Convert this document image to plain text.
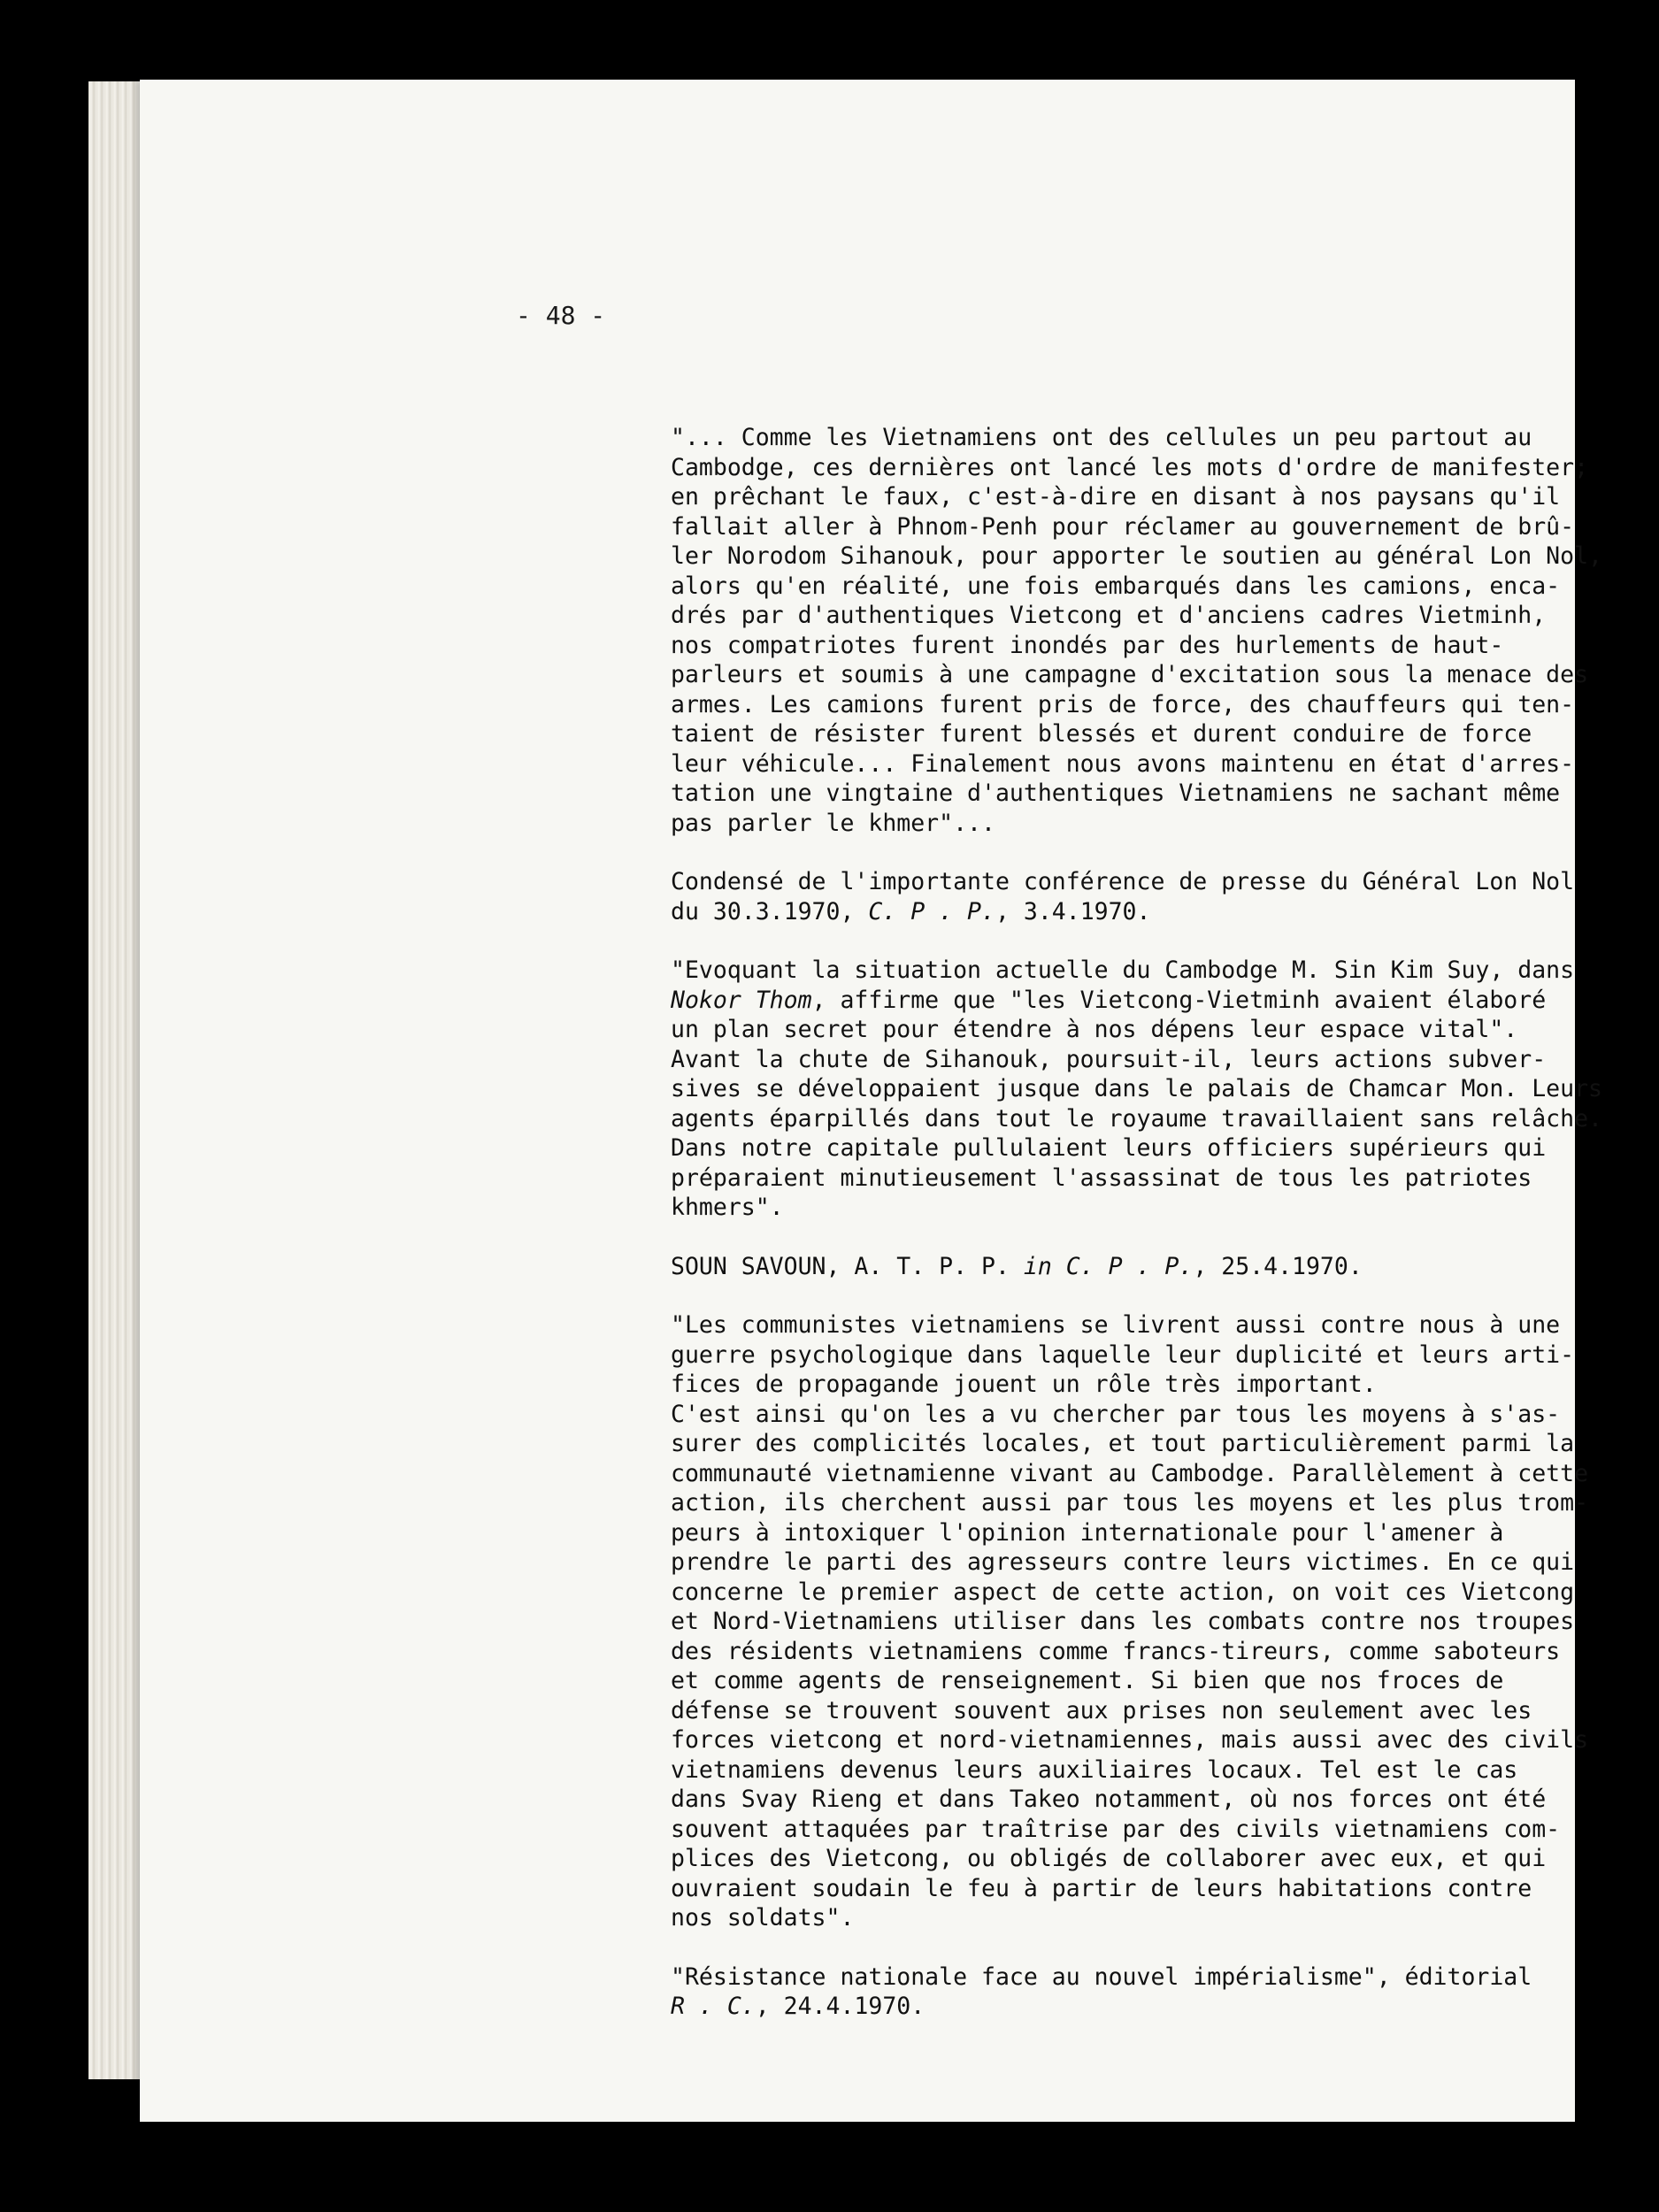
- 48 -
"... Comme les Vietnamiens ont des cellules un peu partout au
Cambodge, ces dernières ont lancé les mots d'ordre de manifester;
en prêchant le faux, c'est-à-dire en disant à nos paysans qu'il
fallait aller à Phnom-Penh pour réclamer au gouvernement de brû-
ler Norodom Sihanouk, pour apporter le soutien au général Lon Nol,
alors qu'en réalité, une fois embarqués dans les camions, enca-
drés par d'authentiques Vietcong et d'anciens cadres Vietminh,
nos compatriotes furent inondés par des hurlements de haut-
parleurs et soumis à une campagne d'excitation sous la menace des
armes. Les camions furent pris de force, des chauffeurs qui ten-
taient de résister furent blessés et durent conduire de force
leur véhicule... Finalement nous avons maintenu en état d'arres-
tation une vingtaine d'authentiques Vietnamiens ne sachant même
pas parler le khmer"...
Condensé de l'importante conférence de presse du Général Lon Nol
du 30.3.1970, C. P . P., 3.4.1970.
"Evoquant la situation actuelle du Cambodge M. Sin Kim Suy, dans
Nokor Thom, affirme que "les Vietcong-Vietminh avaient élaboré
un plan secret pour étendre à nos dépens leur espace vital".
Avant la chute de Sihanouk, poursuit-il, leurs actions subver-
sives se développaient jusque dans le palais de Chamcar Mon. Leurs
agents éparpillés dans tout le royaume travaillaient sans relâche.
Dans notre capitale pullulaient leurs officiers supérieurs qui
préparaient minutieusement l'assassinat de tous les patriotes
khmers".
SOUN SAVOUN, A. T. P. P. in C. P . P., 25.4.1970.
"Les communistes vietnamiens se livrent aussi contre nous à une
guerre psychologique dans laquelle leur duplicité et leurs arti-
fices de propagande jouent un rôle très important.
C'est ainsi qu'on les a vu chercher par tous les moyens à s'as-
surer des complicités locales, et tout particulièrement parmi la
communauté vietnamienne vivant au Cambodge. Parallèlement à cette
action, ils cherchent aussi par tous les moyens et les plus trom-
peurs à intoxiquer l'opinion internationale pour l'amener à
prendre le parti des agresseurs contre leurs victimes. En ce qui
concerne le premier aspect de cette action, on voit ces Vietcong
et Nord-Vietnamiens utiliser dans les combats contre nos troupes
des résidents vietnamiens comme francs-tireurs, comme saboteurs
et comme agents de renseignement. Si bien que nos froces de
défense se trouvent souvent aux prises non seulement avec les
forces vietcong et nord-vietnamiennes, mais aussi avec des civils
vietnamiens devenus leurs auxiliaires locaux. Tel est le cas
dans Svay Rieng et dans Takeo notamment, où nos forces ont été
souvent attaquées par traîtrise par des civils vietnamiens com-
plices des Vietcong, ou obligés de collaborer avec eux, et qui
ouvraient soudain le feu à partir de leurs habitations contre
nos soldats".
"Résistance nationale face au nouvel impérialisme", éditorial
R . C., 24.4.1970.
